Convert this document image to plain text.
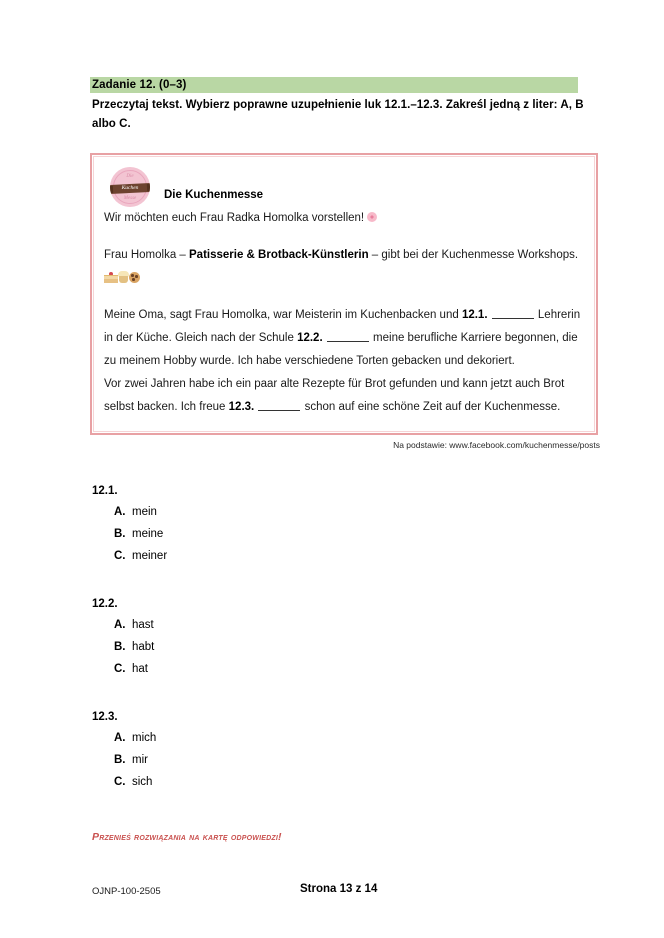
Zadanie 12. (0–3)
Przeczytaj tekst. Wybierz poprawne uzupełnienie luk 12.1.–12.3. Zakreśl jedną z liter: A, B albo C.
Die
Kuchen
Messe	Die Kuchenmesse

Wir möchten euch Frau Radka Homolka vorstellen!

Frau Homolka – Patisserie & Brotback-Künstlerin – gibt bei der Kuchenmesse Workshops.

Meine Oma, sagt Frau Homolka, war Meisterin im Kuchenbacken und 12.1.	Lehrerin in der Küche. Gleich nach der Schule 12.2.	meine berufliche Karriere begonnen, die zu meinem Hobby wurde. Ich habe verschiedene Torten gebacken und dekoriert.

Vor zwei Jahren habe ich ein paar alte Rezepte für Brot gefunden und kann jetzt auch Brot selbst backen. Ich freue 12.3.	schon auf eine schöne Zeit auf der Kuchenmesse.

Na podstawie: www.facebook.com/kuchenmesse/posts
12.1.
A. mein
B. meine
C. meiner
12.2.
A. hast
B. habt
C. hat
12.3.
A. mich
B. mir
C. sich
Przenieś rozwiązania na kartę odpowiedzi!
OJNP-100-2505	Strona 13 z 14
